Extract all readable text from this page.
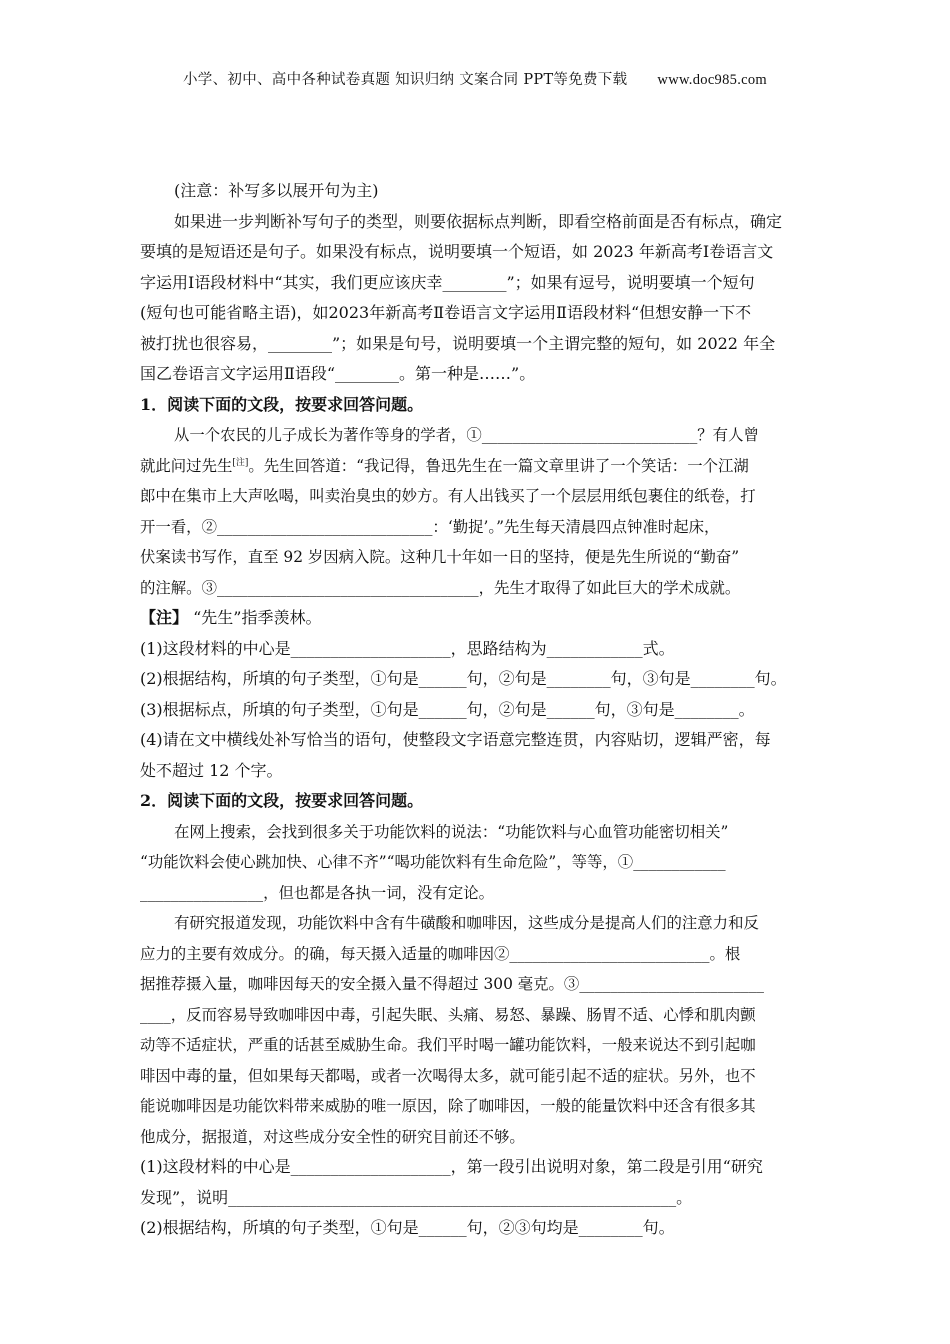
小学、初中、高中各种试卷真题 知识归纳 文案合同 PPT等免费下载 www.doc985.com
(注意：补写多以展开句为主)
如果进一步判断补写句子的类型，则要依据标点判断，即看空格前面是否有标点，确定
要填的是短语还是句子。如果没有标点，说明要填一个短语，如 2023 年新高考Ⅰ卷语言文
字运用Ⅰ语段材料中“其实，我们更应该庆幸________”；如果有逗号，说明要填一个短句
(短句也可能省略主语)，如2023年新高考Ⅱ卷语言文字运用Ⅱ语段材料“但想安静一下不
被打扰也很容易，________”；如果是句号，说明要填一个主谓完整的短句，如 2022 年全
国乙卷语言文字运用Ⅱ语段“________。第一种是……”。
1．阅读下面的文段，按要求回答问题。
从一个农民的儿子成长为著作等身的学者，①____________________________？有人曾
就此问过先生[注]。先生回答道：“我记得，鲁迅先生在一篇文章里讲了一个笑话：一个江湖
郎中在集市上大声吆喝，叫卖治臭虫的妙方。有人出钱买了一个层层用纸包裹住的纸卷，打
开一看，②____________________________：‘勤捉’。”先生每天清晨四点钟准时起床，
伏案读书写作，直至 92 岁因病入院。这种几十年如一日的坚持，便是先生所说的“勤奋”
的注解。③__________________________________，先生才取得了如此巨大的学术成就。
【注】 “先生”指季羡林。
(1)这段材料的中心是____________________，思路结构为____________式。
(2)根据结构，所填的句子类型，①句是______句，②句是________句，③句是________句。
(3)根据标点，所填的句子类型，①句是______句，②句是______句，③句是________。
(4)请在文中横线处补写恰当的语句，使整段文字语意完整连贯，内容贴切，逻辑严密，每
处不超过 12 个字。
2．阅读下面的文段，按要求回答问题。
在网上搜索，会找到很多关于功能饮料的说法：“功能饮料与心血管功能密切相关”
“功能饮料会使心跳加快、心律不齐”“喝功能饮料有生命危险”，等等，①____________
________________，但也都是各执一词，没有定论。
有研究报道发现，功能饮料中含有牛磺酸和咖啡因，这些成分是提高人们的注意力和反
应力的主要有效成分。的确，每天摄入适量的咖啡因②__________________________。根
据推荐摄入量，咖啡因每天的安全摄入量不得超过 300 毫克。③________________________
____，反而容易导致咖啡因中毒，引起失眠、头痛、易怒、暴躁、肠胃不适、心悸和肌肉颤
动等不适症状，严重的话甚至威胁生命。我们平时喝一罐功能饮料，一般来说达不到引起咖
啡因中毒的量，但如果每天都喝，或者一次喝得太多，就可能引起不适的症状。另外，也不
能说咖啡因是功能饮料带来威胁的唯一原因，除了咖啡因，一般的能量饮料中还含有很多其
他成分，据报道，对这些成分安全性的研究目前还不够。
(1)这段材料的中心是____________________，第一段引出说明对象，第二段是引用“研究
发现”，说明________________________________________________________。
(2)根据结构，所填的句子类型，①句是______句，②③句均是________句。
